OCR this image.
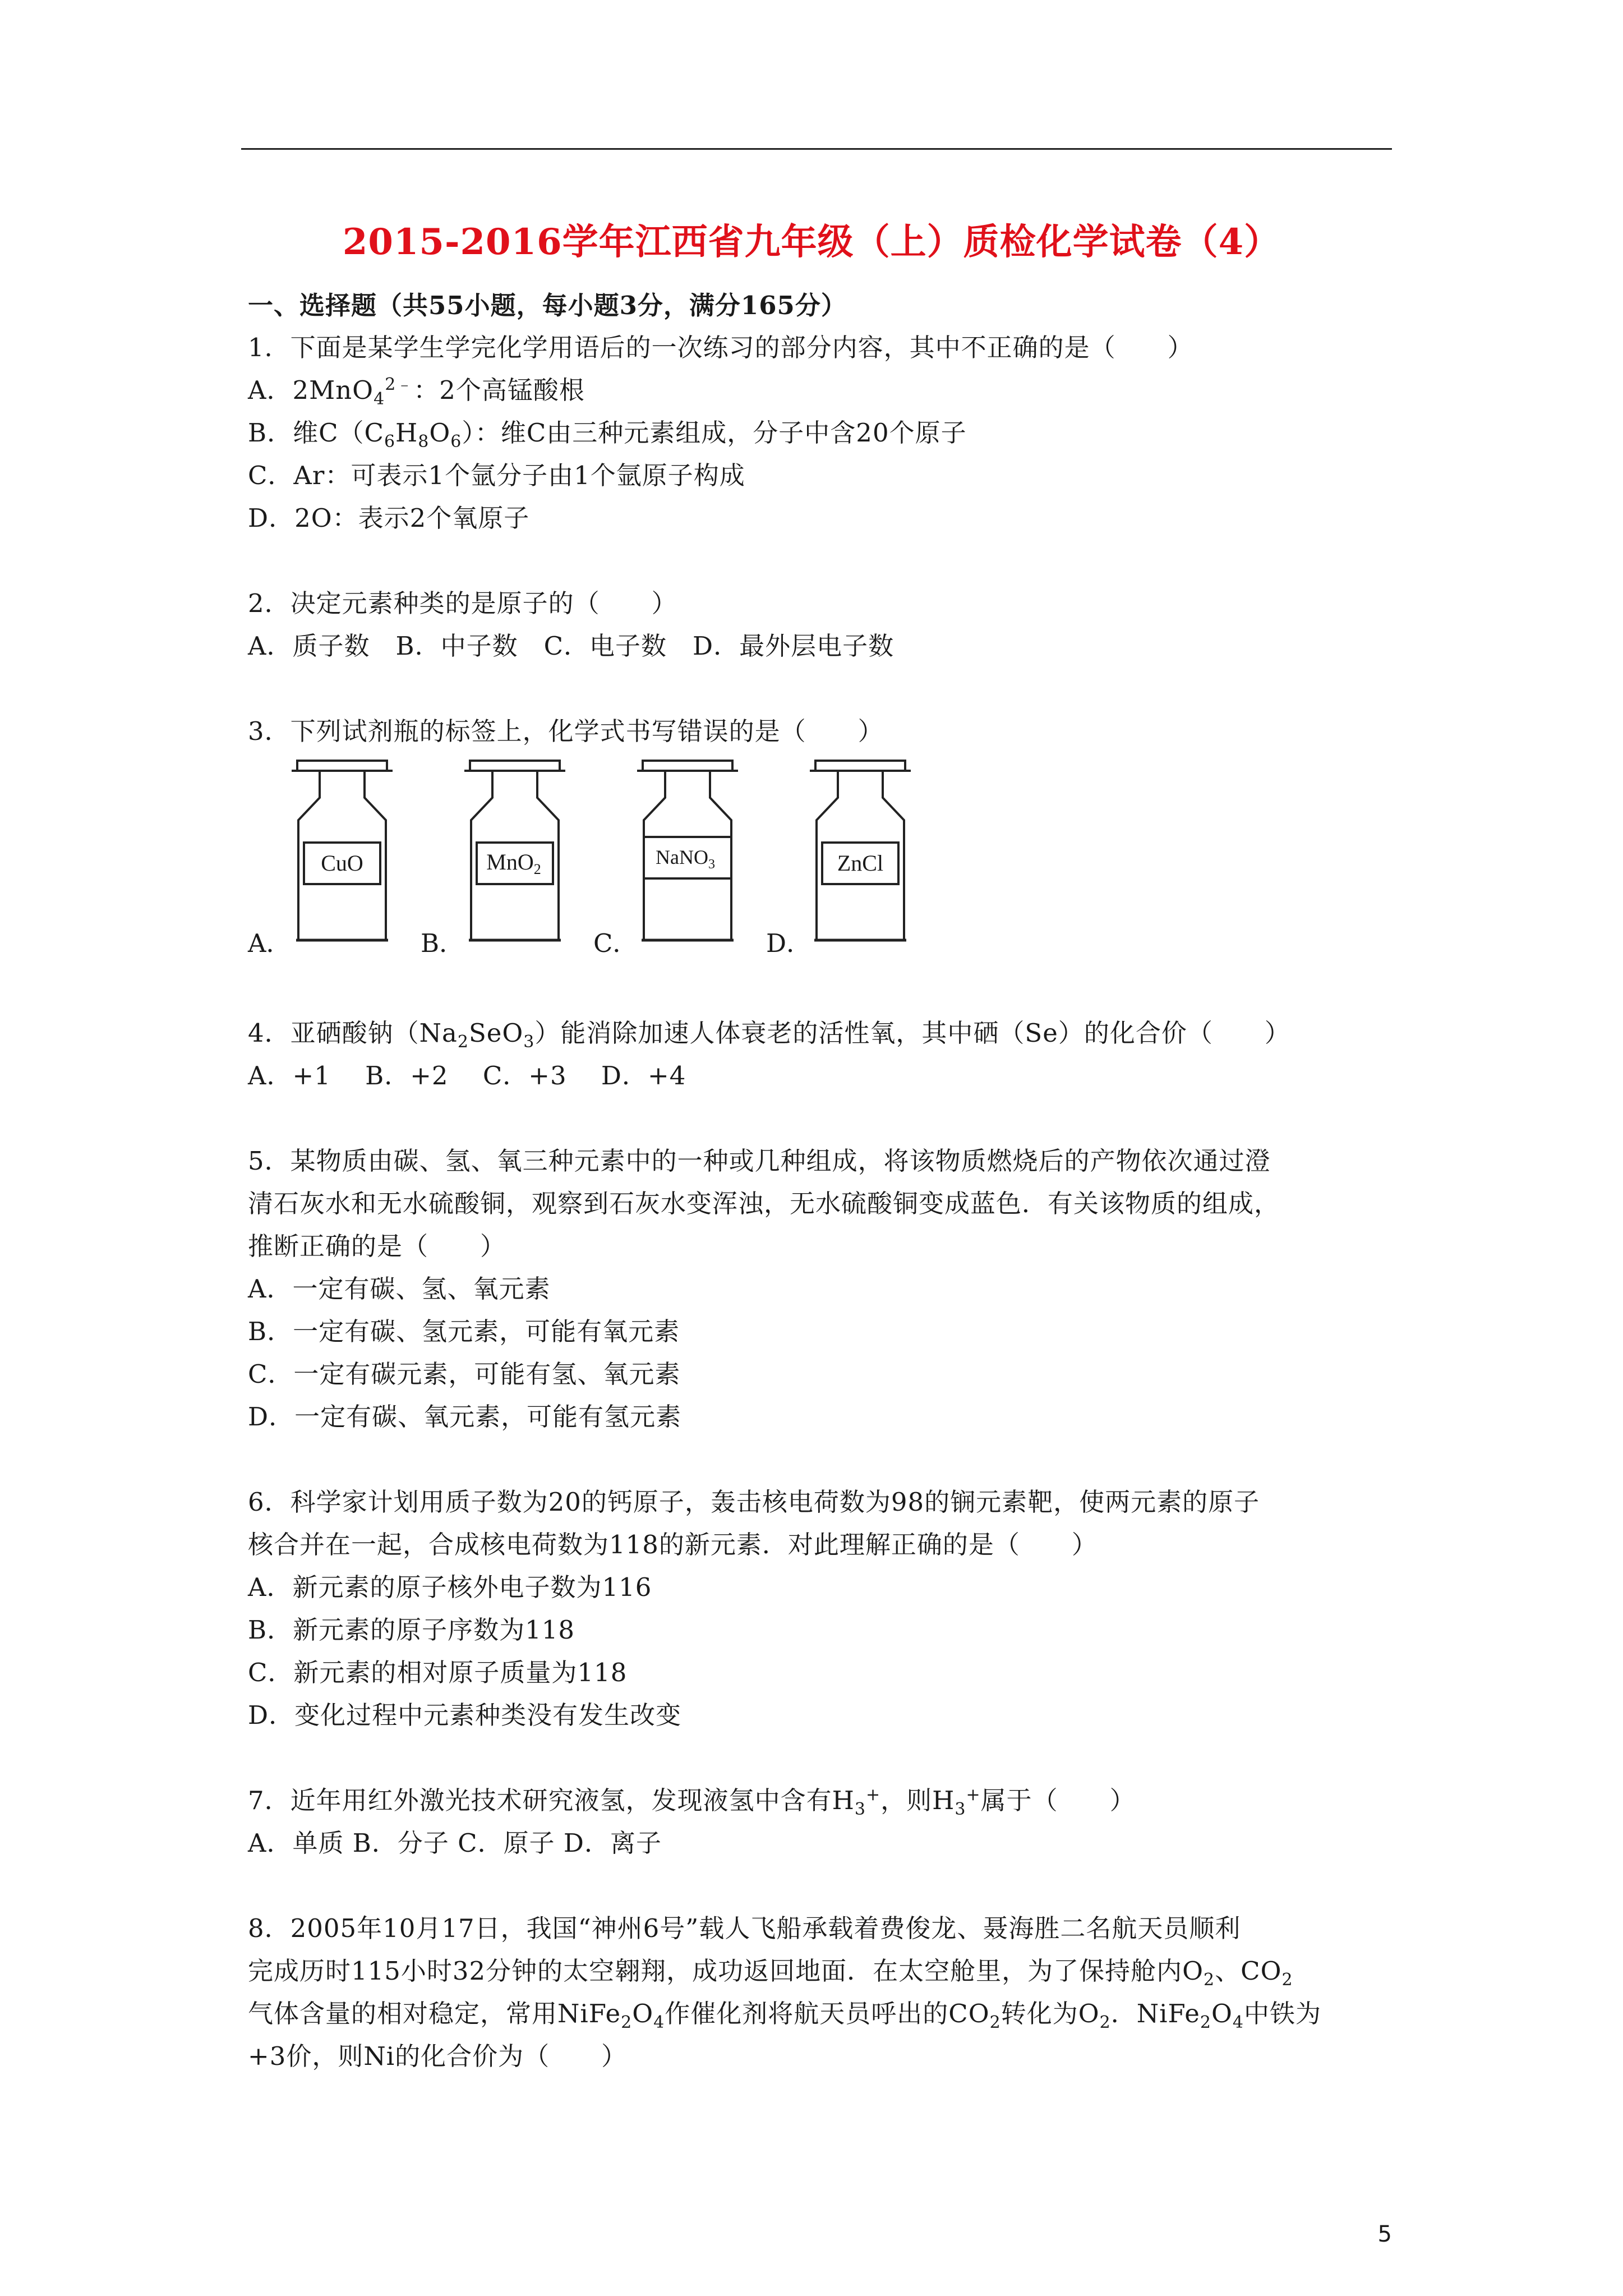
2015-2016学年江西省九年级（上）质检化学试卷（4）
一、选择题（共55小题，每小题3分，满分165分）
1．下面是某学生学完化学用语后的一次练习的部分内容，其中不正确的是（　　）
A．2MnO$_4^{2﹣}$：2个高锰酸根
B．维$C(C_6H_8O_6)$：维C由三种元素组成，分子中含20个原子
C．Ar：可表示1个氩分子由1个氩原子构成
D．2O：表示2个氧原子
2．决定元素种类的是原子的（　　）
A．质子数　B．中子数　C．电子数　D．最外层电子数
3．下列试剂瓶的标签上，化学式书写错误的是（　　）
A．
CuO
B．
MnO$_2$
C．
NaNO$_3$
D．
ZnCl
4．亚硒酸钠$(Na_2SeO_3)$能消除加速人体衰老的活性氧，其中硒（Se）的化合价（　　）
A．+1　 B．+2　 C．+3　 D．+4
5．某物质由碳、氢、氧三种元素中的一种或几种组成，将该物质燃烧后的产物依次通过澄
清石灰水和无水硫酸铜，观察到石灰水变浑浊，无水硫酸铜变成蓝色．有关该物质的组成，
推断正确的是（　　）
A．一定有碳、氢、氧元素
B．一定有碳、氢元素，可能有氧元素
C．一定有碳元素，可能有氢、氧元素
D．一定有碳、氧元素，可能有氢元素
6．科学家计划用质子数为20的钙原子，轰击核电荷数为98的锎元素靶，使两元素的原子
核合并在一起，合成核电荷数为118的新元素．对此理解正确的是（　　）
A．新元素的原子核外电子数为116
B．新元素的原子序数为118
C．新元素的相对原子质量为118
D．变化过程中元素种类没有发生改变
7．近年用红外激光技术研究液氢，发现液氢中含有$H_3^+$，则$H_3^+$属于（　　）
A．单质 B．分子 C．原子 D．离子
8．2005年10月17日，我国“神州6号”载人飞船承载着费俊龙、聂海胜二名航天员顺利
完成历时115小时32分钟的太空翱翔，成功返回地面．在太空舱里，为了保持舱内$O_2$、$CO_2$
气体含量的相对稳定，常用$NiFe_2O_4$作催化剂将航天员呼出的$CO_2$转化为$O_2$．$NiFe_2O_4$中铁为
+3价，则Ni的化合价为（　　）
5
